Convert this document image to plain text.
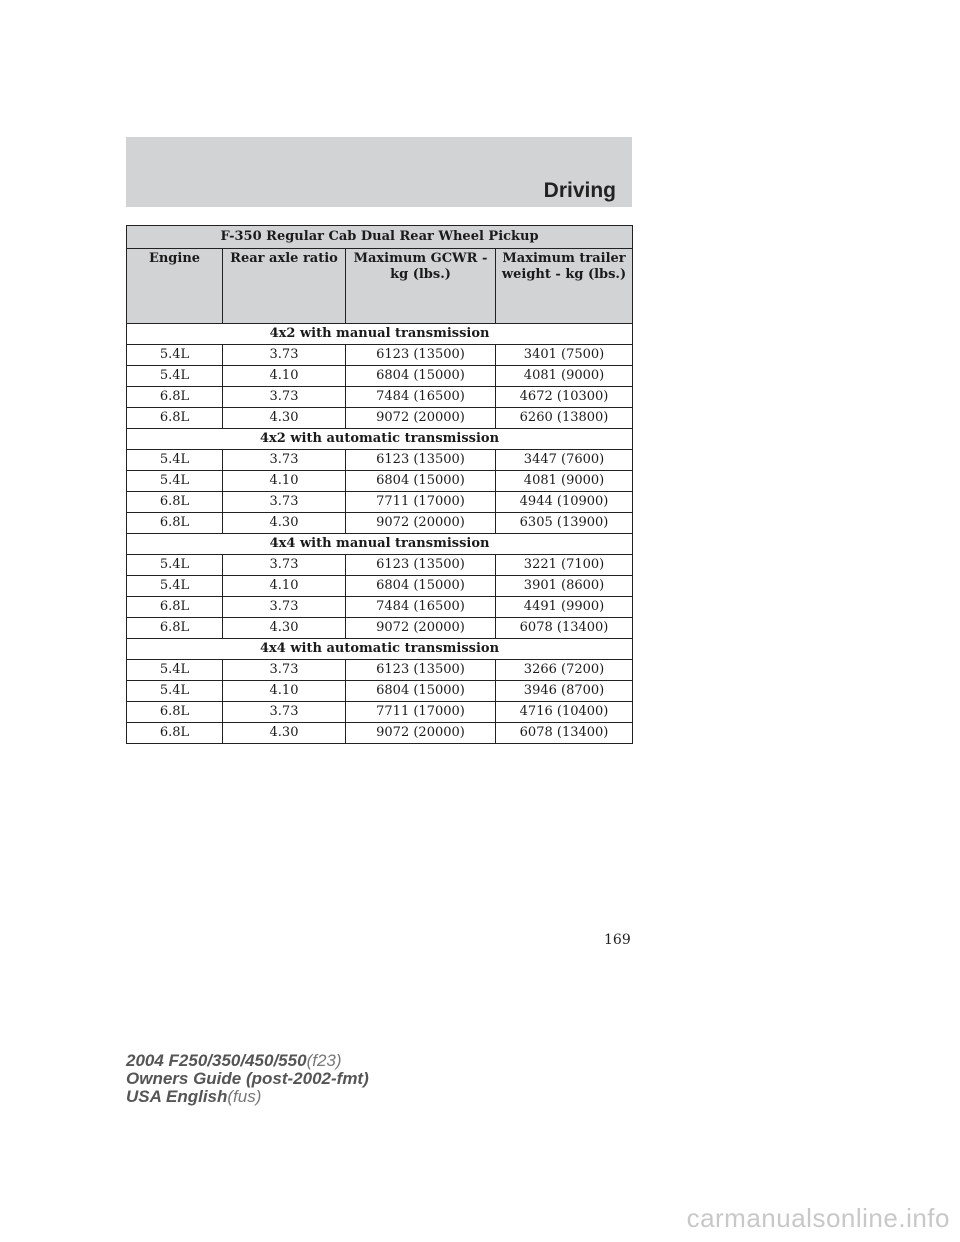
Driving
F-350 Regular Cab Dual Rear Wheel Pickup			
Engine	Rear axle ratio	Maximum GCWR - kg (lbs.)	Maximum trailer weight - kg (lbs.)
4x2 with manual transmission			
5.4L	3.73	6123 (13500)	3401 (7500)
5.4L	4.10	6804 (15000)	4081 (9000)
6.8L	3.73	7484 (16500)	4672 (10300)
6.8L	4.30	9072 (20000)	6260 (13800)
4x2 with automatic transmission			
5.4L	3.73	6123 (13500)	3447 (7600)
5.4L	4.10	6804 (15000)	4081 (9000)
6.8L	3.73	7711 (17000)	4944 (10900)
6.8L	4.30	9072 (20000)	6305 (13900)
4x4 with manual transmission			
5.4L	3.73	6123 (13500)	3221 (7100)
5.4L	4.10	6804 (15000)	3901 (8600)
6.8L	3.73	7484 (16500)	4491 (9900)
6.8L	4.30	9072 (20000)	6078 (13400)
4x4 with automatic transmission			
5.4L	3.73	6123 (13500)	3266 (7200)
5.4L	4.10	6804 (15000)	3946 (8700)
6.8L	3.73	7711 (17000)	4716 (10400)
6.8L	4.30	9072 (20000)	6078 (13400)
169
2004 F250/350/450/550(f23)
Owners Guide (post-2002-fmt)
USA English(fus)
carmanualsonline.info
